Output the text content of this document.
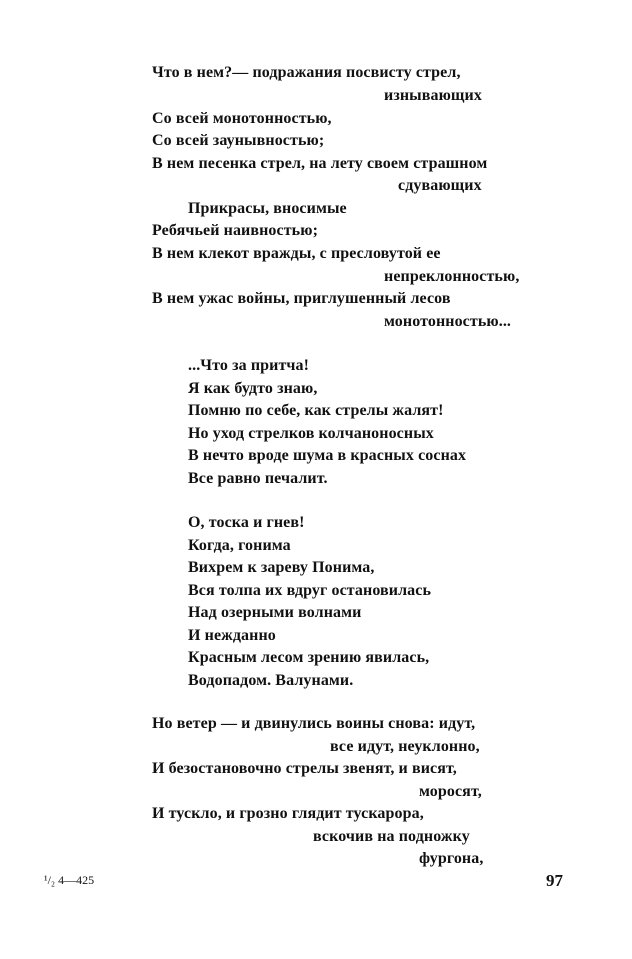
Что в нем?— подражания посвисту стрел,
изнывающих
Со всей монотонностью,
Со всей заунывностью;
В нем песенка стрел, на лету своем страшном
сдувающих
Прикрасы, вносимые
Ребячьей наивностью;
В нем клекот вражды, с пресловутой ее
непреклонностью,
В нем ужас войны, приглушенный лесов
монотонностью...
...Что за притча!
Я как будто знаю,
Помню по себе, как стрелы жалят!
Но уход стрелков колчаноносных
В нечто вроде шума в красных соснах
Все равно печалит.
О, тоска и гнев!
Когда, гонима
Вихрем к зареву Понима,
Вся толпа их вдруг остановилась
Над озерными волнами
И нежданно
Красным лесом зрению явилась,
Водопадом. Валунами.
Но ветер — и двинулись воины снова: идут,
все идут, неуклонно,
И безостановочно стрелы звенят, и висят,
моросят,
И тускло, и грозно глядит тускарора,
вскочив на подножку
фургона,
¹/₂ 4—425	97
